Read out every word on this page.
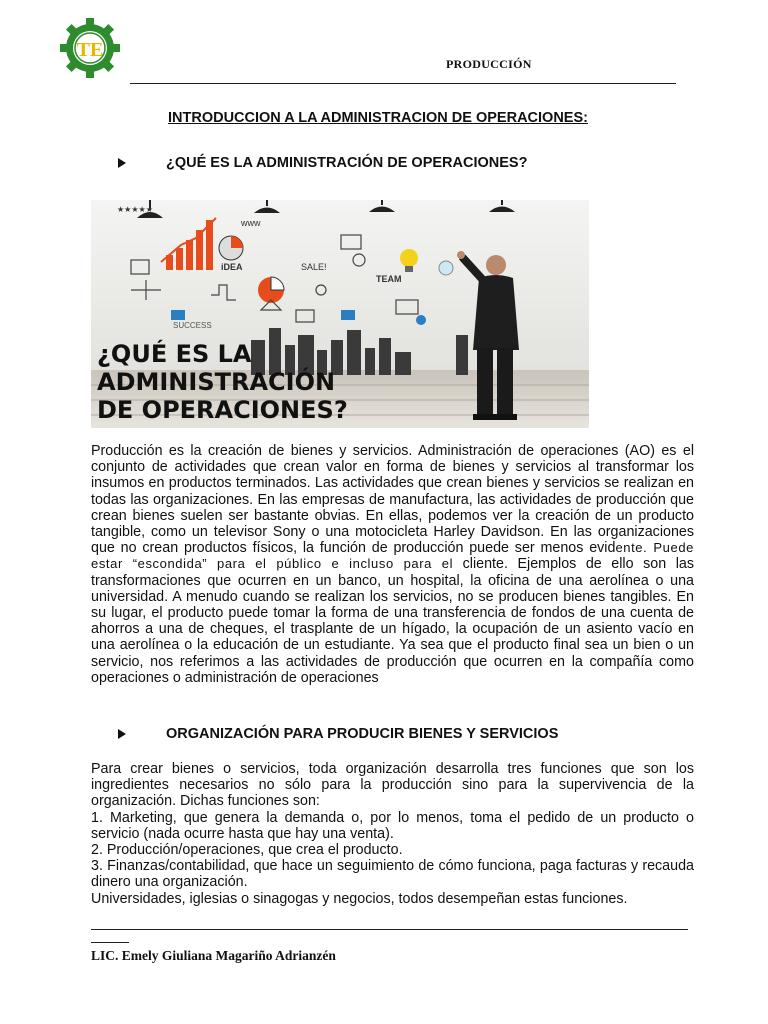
TE
PRODUCCIÓN
INTRODUCCION A LA ADMINISTRACION DE OPERACIONES:
¿QUÉ ES LA ADMINISTRACIÓN DE OPERACIONES?
★★★★★
www
iDEA	SALE!
TEAM
SUCCESS
¿QUÉ ES LA
ADMINISTRACIÓN
DE OPERACIONES?

Producción es la creación de bienes y servicios. Administración de operaciones (AO) es el conjunto de actividades que crean valor en forma de bienes y servicios al transformar los insumos en productos terminados. Las actividades que crean bienes y servicios se realizan en todas las organizaciones. En las empresas de manufactura, las actividades de producción que crean bienes suelen ser bastante obvias. En ellas, podemos ver la creación de un producto tangible, como un televisor Sony o una motocicleta Harley Davidson. En las organizaciones que no crean productos físicos, la función de producción puede ser menos evidente. Puede estar “escondida” para el público e incluso para el cliente. Ejemplos de ello son las transformaciones que ocurren en un banco, un hospital, la oficina de una aerolínea o una universidad. A menudo cuando se realizan los servicios, no se producen bienes tangibles. En su lugar, el producto puede tomar la forma de una transferencia de fondos de una cuenta de ahorros a una de cheques, el trasplante de un hígado, la ocupación de un asiento vacío en una aerolínea o la educación de un estudiante. Ya sea que el producto final sea un bien o un servicio, nos referimos a las actividades de producción que ocurren en la compañía como operaciones o administración de operaciones

ORGANIZACIÓN PARA PRODUCIR BIENES Y SERVICIOS

Para crear bienes o servicios, toda organización desarrolla tres funciones que son los ingredientes necesarios no sólo para la producción sino para la supervivencia de la organización. Dichas funciones son:
1. Marketing, que genera la demanda o, por lo menos, toma el pedido de un producto o servicio (nada ocurre hasta que hay una venta).
2. Producción/operaciones, que crea el producto.
3. Finanzas/contabilidad, que hace un seguimiento de cómo funciona, paga facturas y recauda dinero una organización.
Universidades, iglesias o sinagogas y negocios, todos desempeñan estas funciones.

LIC. Emely Giuliana Magariño Adrianzén
